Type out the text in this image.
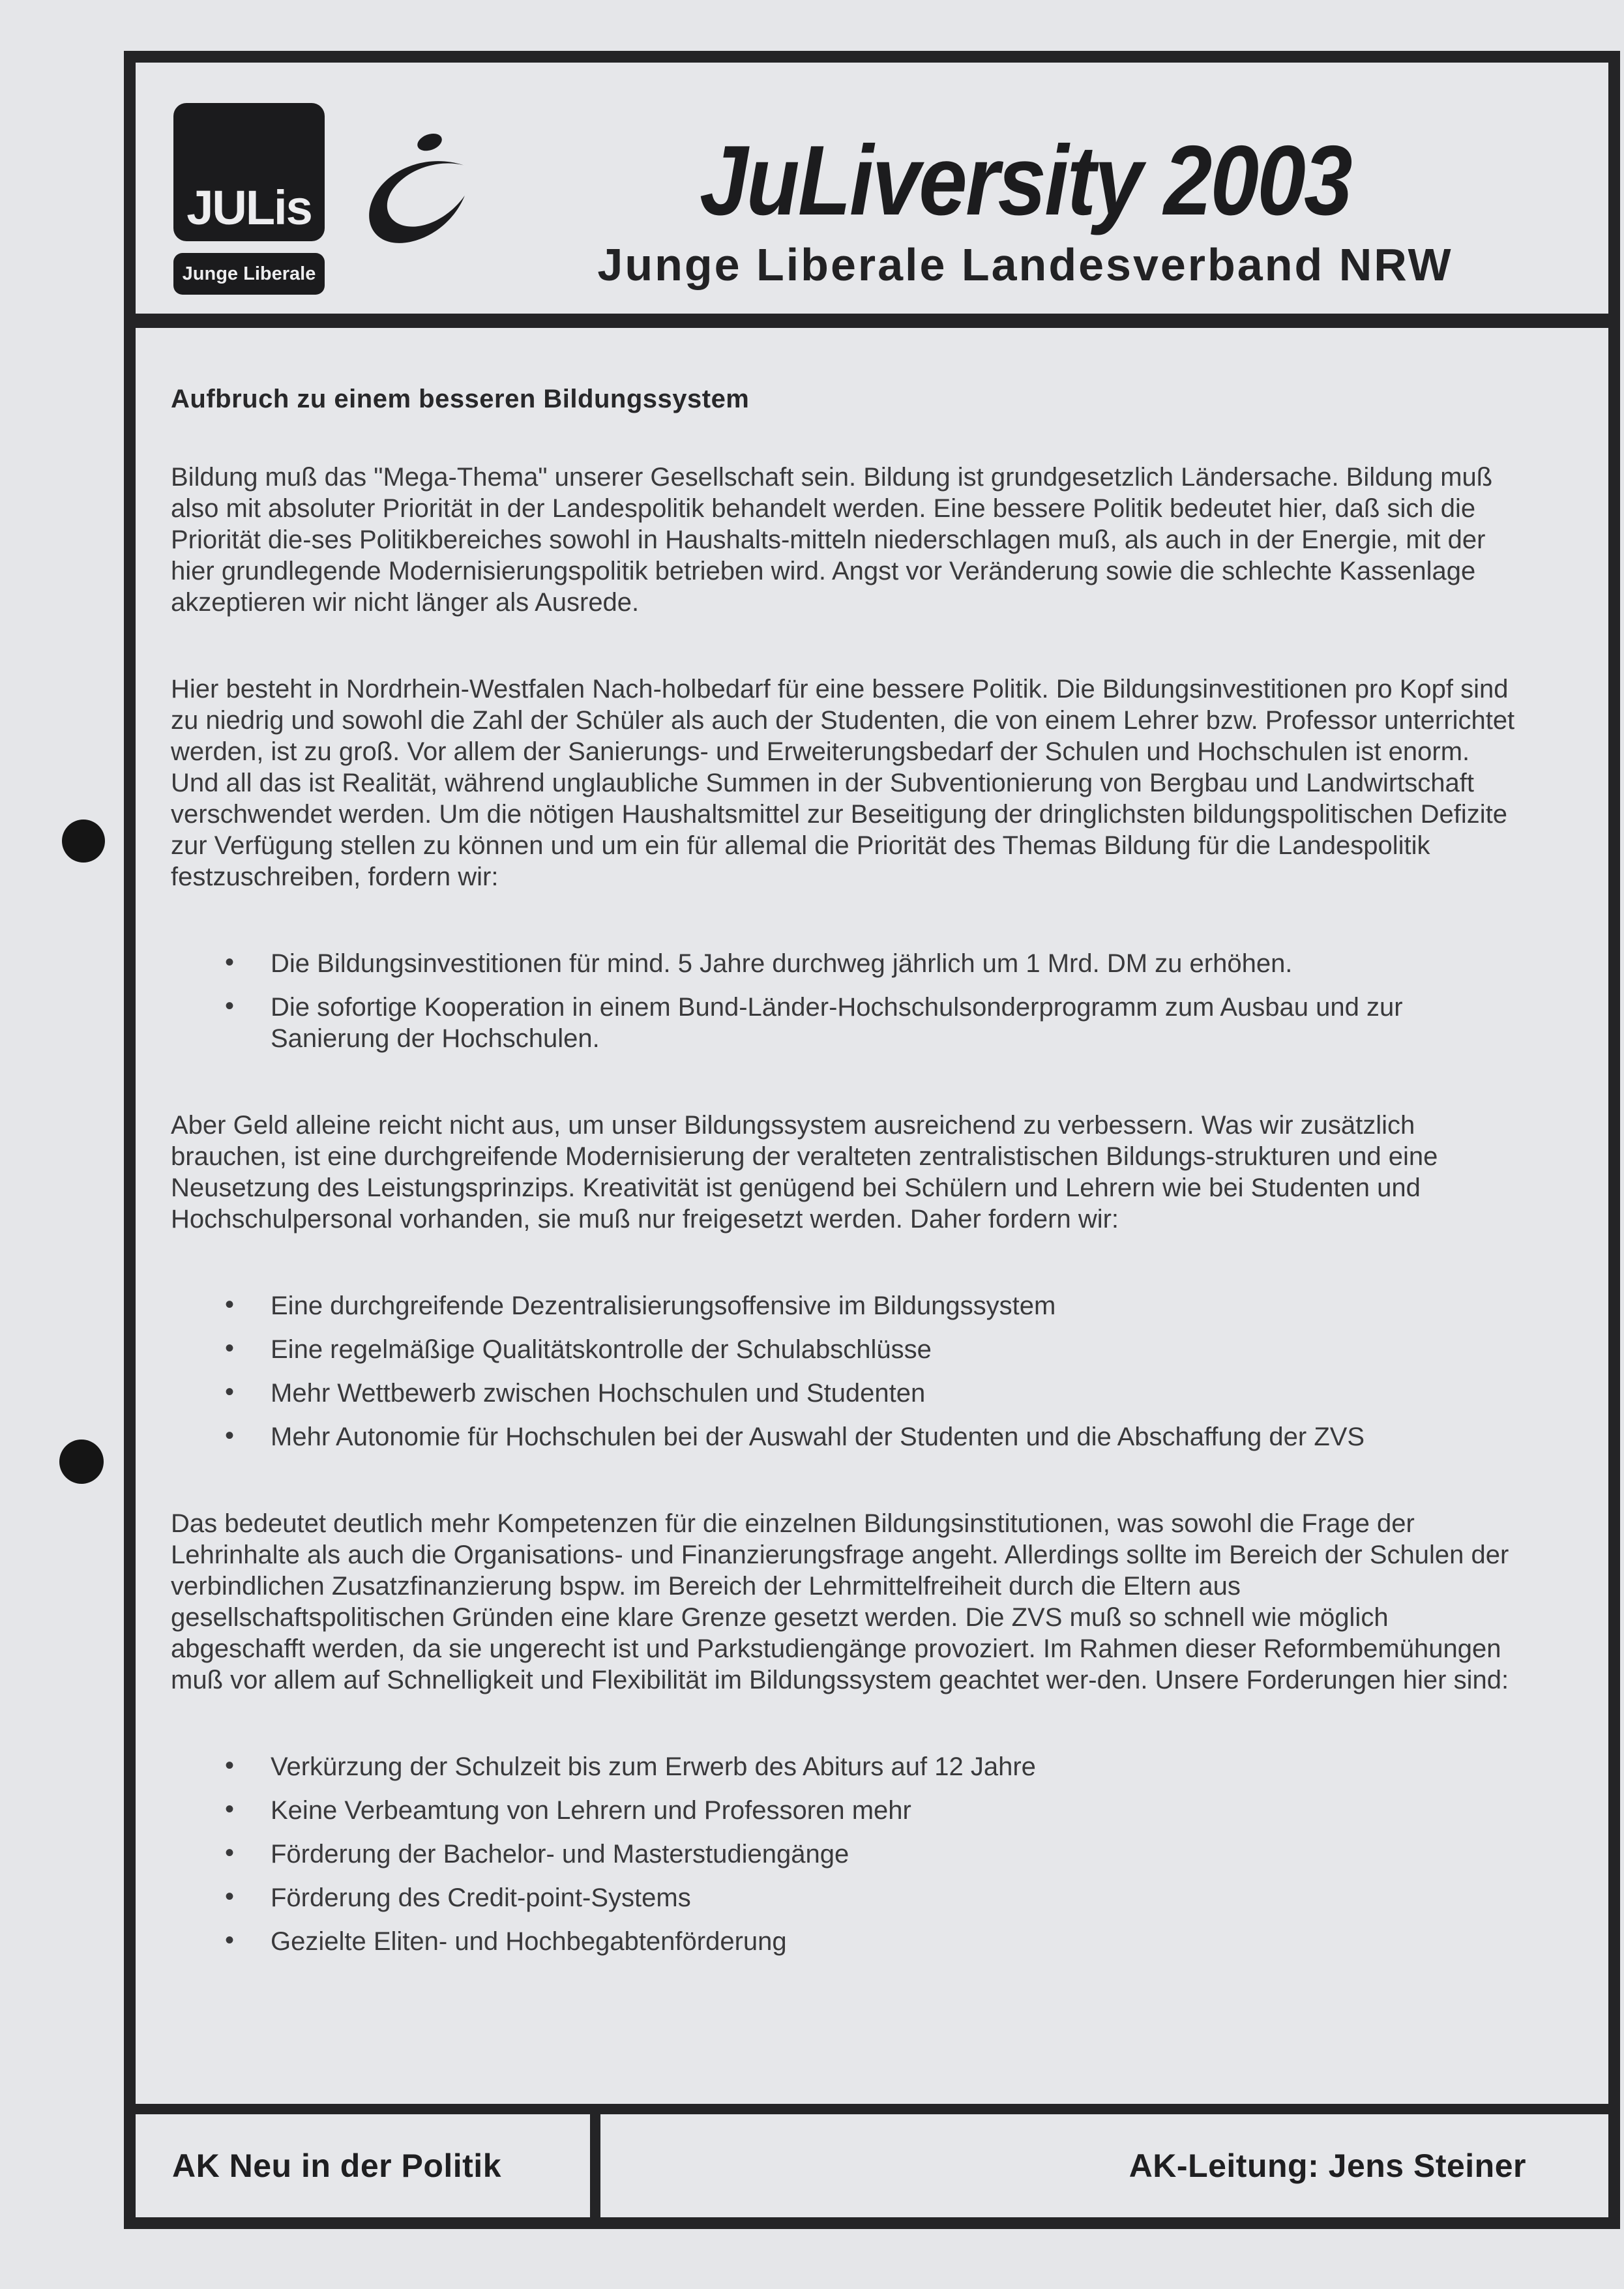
JULis
Junge Liberale
JuLiversity 2003
Junge Liberale Landesverband NRW
Aufbruch zu einem besseren Bildungssystem

Bildung muß das "Mega-Thema" unserer Gesellschaft sein. Bildung ist grundgesetzlich Ländersache. Bildung muß also mit absoluter Priorität in der Landespolitik behandelt werden. Eine bessere Politik bedeutet hier, daß sich die Priorität die-ses Politikbereiches sowohl in Haushalts-mitteln niederschlagen muß, als auch in der Energie, mit der hier grundlegende Modernisierungspolitik betrieben wird. Angst vor Veränderung sowie die schlechte Kassenlage akzeptieren wir nicht länger als Ausrede.

Hier besteht in Nordrhein-Westfalen Nach-holbedarf für eine bessere Politik. Die Bildungsinvestitionen pro Kopf sind zu niedrig und sowohl die Zahl der Schüler als auch der Studenten, die von einem Lehrer bzw. Professor unterrichtet werden, ist zu groß. Vor allem der Sanierungs- und Erweiterungsbedarf der Schulen und Hochschulen ist enorm. Und all das ist Realität, während unglaubliche Summen in der Subventionierung von Bergbau und Landwirtschaft verschwendet werden. Um die nötigen Haushaltsmittel zur Beseitigung der dringlichsten bildungspolitischen Defizite zur Verfügung stellen zu können und um ein für allemal die Priorität des Themas Bildung für die Landespolitik festzuschreiben, fordern wir:

• Die Bildungsinvestitionen für mind. 5 Jahre durchweg jährlich um 1 Mrd. DM zu erhöhen.
• Die sofortige Kooperation in einem Bund-Länder-Hochschulsonderprogramm zum Ausbau und zur Sanierung der Hochschulen.

Aber Geld alleine reicht nicht aus, um unser Bildungssystem ausreichend zu verbessern. Was wir zusätzlich brauchen, ist eine durchgreifende Modernisierung der veralteten zentralistischen Bildungs-strukturen und eine Neusetzung des Leistungsprinzips. Kreativität ist genügend bei Schülern und Lehrern wie bei Studenten und Hochschulpersonal vorhanden, sie muß nur freigesetzt werden. Daher fordern wir:

• Eine durchgreifende Dezentralisierungsoffensive im Bildungssystem
• Eine regelmäßige Qualitätskontrolle der Schulabschlüsse
• Mehr Wettbewerb zwischen Hochschulen und Studenten
• Mehr Autonomie für Hochschulen bei der Auswahl der Studenten und die Abschaffung der ZVS

Das bedeutet deutlich mehr Kompetenzen für die einzelnen Bildungsinstitutionen, was sowohl die Frage der Lehrinhalte als auch die Organisations- und Finanzierungsfrage angeht. Allerdings sollte im Bereich der Schulen der verbindlichen Zusatzfinanzierung bspw. im Bereich der Lehrmittelfreiheit durch die Eltern aus gesellschaftspolitischen Gründen eine klare Grenze gesetzt werden. Die ZVS muß so schnell wie möglich abgeschafft werden, da sie ungerecht ist und Parkstudiengänge provoziert. Im Rahmen dieser Reformbemühungen muß vor allem auf Schnelligkeit und Flexibilität im Bildungssystem geachtet wer-den. Unsere Forderungen hier sind:

• Verkürzung der Schulzeit bis zum Erwerb des Abiturs auf 12 Jahre
• Keine Verbeamtung von Lehrern und Professoren mehr
• Förderung der Bachelor- und Masterstudiengänge
• Förderung des Credit-point-Systems
• Gezielte Eliten- und Hochbegabtenförderung
AK Neu in der Politik	AK-Leitung: Jens Steiner
